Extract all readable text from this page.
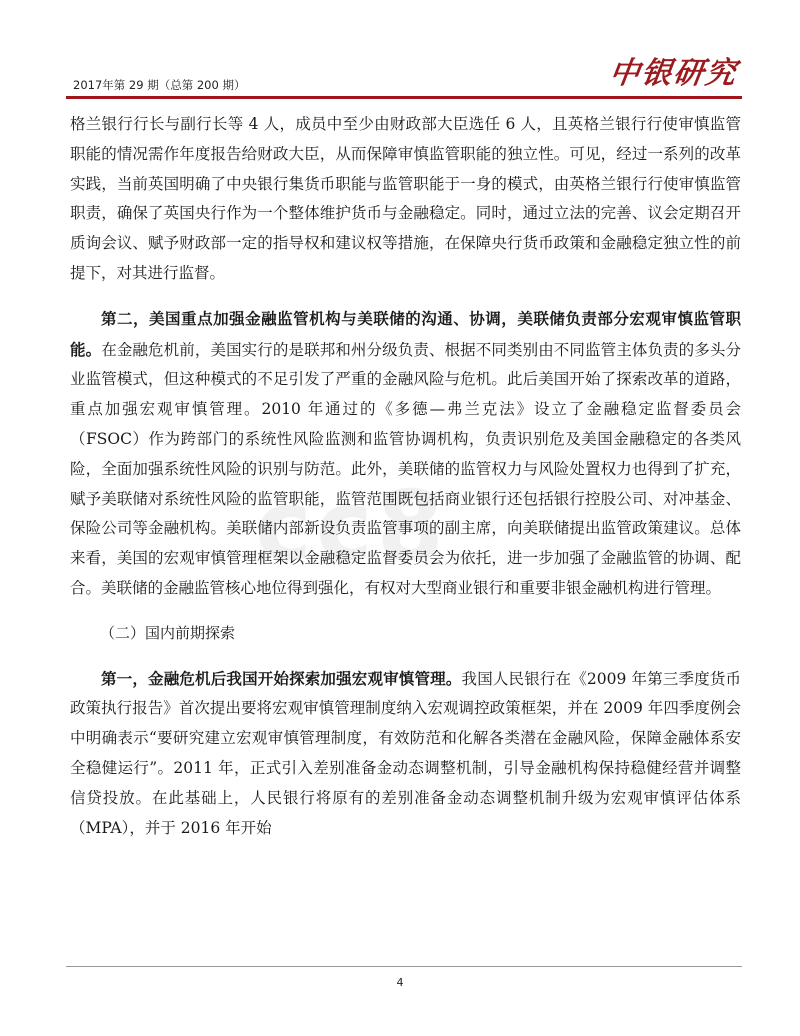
2017年第 29 期（总第 200 期）	中银研究
cc8

格兰银行行长与副行长等 4 人，成员中至少由财政部大臣选任 6 人，且英格兰银行行使审慎监管职能的情况需作年度报告给财政大臣，从而保障审慎监管职能的独立性。可见，经过一系列的改革实践，当前英国明确了中央银行集货币职能与监管职能于一身的模式，由英格兰银行行使审慎监管职责，确保了英国央行作为一个整体维护货币与金融稳定。同时，通过立法的完善、议会定期召开质询会议、赋予财政部一定的指导权和建议权等措施，在保障央行货币政策和金融稳定独立性的前提下，对其进行监督。

第二，美国重点加强金融监管机构与美联储的沟通、协调，美联储负责部分宏观审慎监管职能。在金融危机前，美国实行的是联邦和州分级负责、根据不同类别由不同监管主体负责的多头分业监管模式，但这种模式的不足引发了严重的金融风险与危机。此后美国开始了探索改革的道路，重点加强宏观审慎管理。2010 年通过的《多德—弗兰克法》设立了金融稳定监督委员会（FSOC）作为跨部门的系统性风险监测和监管协调机构，负责识别危及美国金融稳定的各类风险，全面加强系统性风险的识别与防范。此外，美联储的监管权力与风险处置权力也得到了扩充，赋予美联储对系统性风险的监管职能，监管范围既包括商业银行还包括银行控股公司、对冲基金、保险公司等金融机构。美联储内部新设负责监管事项的副主席，向美联储提出监管政策建议。总体来看，美国的宏观审慎管理框架以金融稳定监督委员会为依托，进一步加强了金融监管的协调、配合。美联储的金融监管核心地位得到强化，有权对大型商业银行和重要非银金融机构进行管理。

（二）国内前期探索

第一，金融危机后我国开始探索加强宏观审慎管理。我国人民银行在《2009 年第三季度货币政策执行报告》首次提出要将宏观审慎管理制度纳入宏观调控政策框架，并在 2009 年四季度例会中明确表示“要研究建立宏观审慎管理制度，有效防范和化解各类潜在金融风险，保障金融体系安全稳健运行”。2011 年，正式引入差别准备金动态调整机制，引导金融机构保持稳健经营并调整信贷投放。在此基础上，人民银行将原有的差别准备金动态调整机制升级为宏观审慎评估体系（MPA），并于 2016 年开始

4
